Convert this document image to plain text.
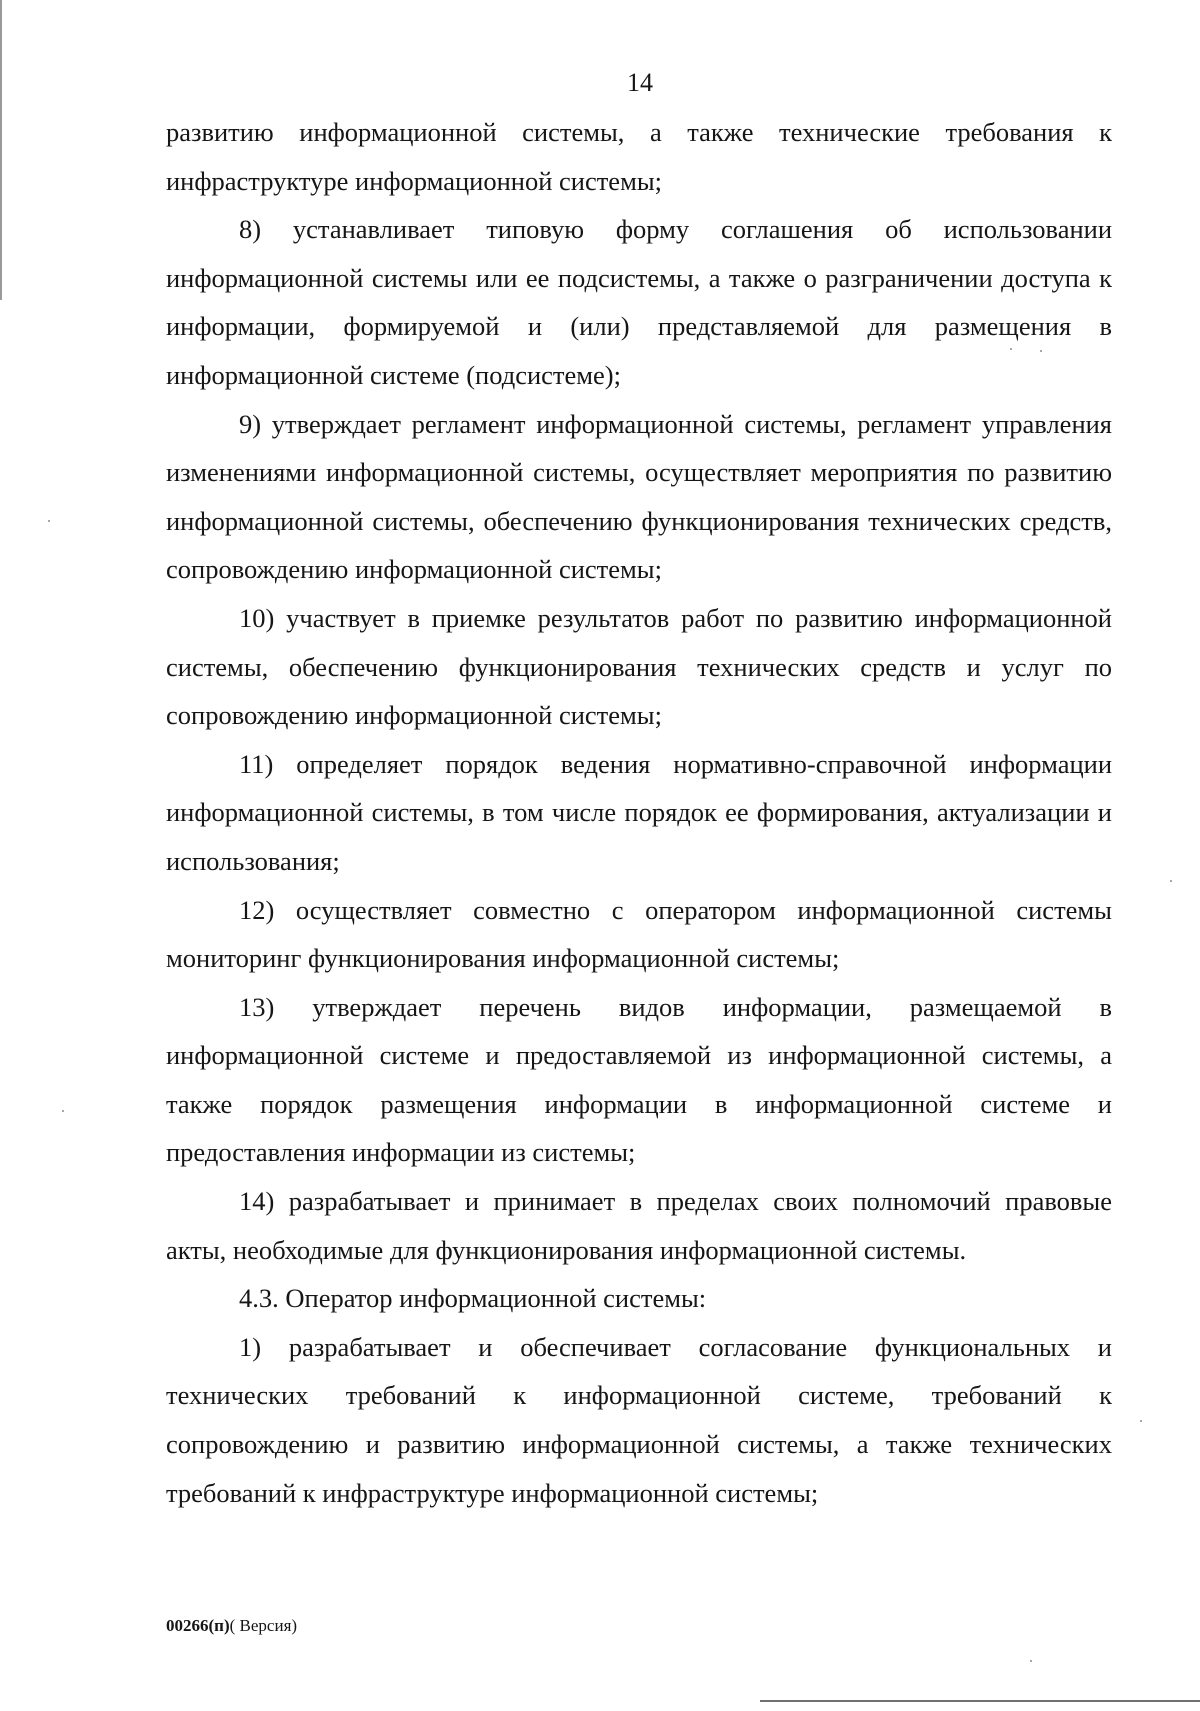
14

развитию информационной системы, а также технические требования к инфраструктуре информационной системы;

8) устанавливает типовую форму соглашения об использовании информационной системы или ее подсистемы, а также о разграничении доступа к информации, формируемой и (или) представляемой для размещения в информационной системе (подсистеме);

9) утверждает регламент информационной системы, регламент управления изменениями информационной системы, осуществляет мероприятия по развитию информационной системы, обеспечению функционирования технических средств, сопровождению информационной системы;

10) участвует в приемке результатов работ по развитию информационной системы, обеспечению функционирования технических средств и услуг по сопровождению информационной системы;

11) определяет порядок ведения нормативно-справочной информации информационной системы, в том числе порядок ее формирования, актуализации и использования;

12) осуществляет совместно с оператором информационной системы мониторинг функционирования информационной системы;

13) утверждает перечень видов информации, размещаемой в информационной системе и предоставляемой из информационной системы, а также порядок размещения информации в информационной системе и предоставления информации из системы;

14) разрабатывает и принимает в пределах своих полномочий правовые акты, необходимые для функционирования информационной системы.

4.3. Оператор информационной системы:

1) разрабатывает и обеспечивает согласование функциональных и технических требований к информационной системе, требований к сопровождению и развитию информационной системы, а также технических требований к инфраструктуре информационной системы;

00266(п)( Версия)
